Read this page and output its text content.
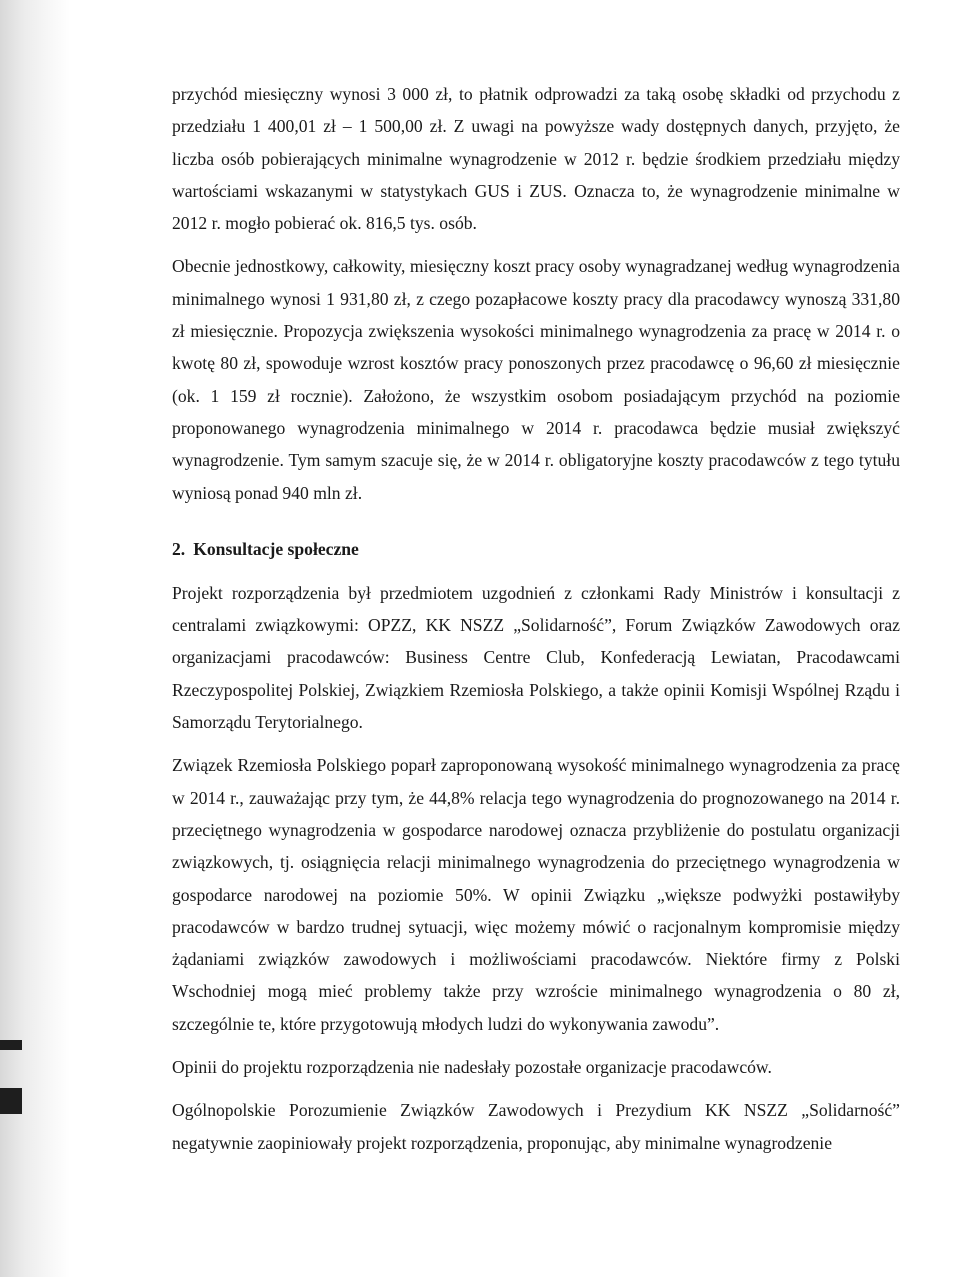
przychód miesięczny wynosi 3 000 zł, to płatnik odprowadzi za taką osobę składki od przychodu z przedziału 1 400,01 zł – 1 500,00 zł. Z uwagi na powyższe wady dostępnych danych, przyjęto, że liczba osób pobierających minimalne wynagrodzenie w 2012 r. będzie środkiem przedziału między wartościami wskazanymi w statystykach GUS i ZUS. Oznacza to, że wynagrodzenie minimalne w 2012 r. mogło pobierać ok. 816,5 tys. osób.

Obecnie jednostkowy, całkowity, miesięczny koszt pracy osoby wynagradzanej według wynagrodzenia minimalnego wynosi 1 931,80 zł, z czego pozapłacowe koszty pracy dla pracodawcy wynoszą 331,80 zł miesięcznie. Propozycja zwiększenia wysokości minimalnego wynagrodzenia za pracę w 2014 r. o kwotę 80 zł, spowoduje wzrost kosztów pracy ponoszonych przez pracodawcę o 96,60 zł miesięcznie (ok. 1 159 zł rocznie). Założono, że wszystkim osobom posiadającym przychód na poziomie proponowanego wynagrodzenia minimalnego w 2014 r. pracodawca będzie musiał zwiększyć wynagrodzenie. Tym samym szacuje się, że w 2014 r. obligatoryjne koszty pracodawców z tego tytułu wyniosą ponad 940 mln zł.

2. Konsultacje społeczne

Projekt rozporządzenia był przedmiotem uzgodnień z członkami Rady Ministrów i konsultacji z centralami związkowymi: OPZZ, KK NSZZ „Solidarność”, Forum Związków Zawodowych oraz organizacjami pracodawców: Business Centre Club, Konfederacją Lewiatan, Pracodawcami Rzeczypospolitej Polskiej, Związkiem Rzemiosła Polskiego, a także opinii Komisji Wspólnej Rządu i Samorządu Terytorialnego.

Związek Rzemiosła Polskiego poparł zaproponowaną wysokość minimalnego wynagrodzenia za pracę w 2014 r., zauważając przy tym, że 44,8% relacja tego wynagrodzenia do prognozowanego na 2014 r. przeciętnego wynagrodzenia w gospodarce narodowej oznacza przybliżenie do postulatu organizacji związkowych, tj. osiągnięcia relacji minimalnego wynagrodzenia do przeciętnego wynagrodzenia w gospodarce narodowej na poziomie 50%. W opinii Związku „większe podwyżki postawiłyby pracodawców w bardzo trudnej sytuacji, więc możemy mówić o racjonalnym kompromisie między żądaniami związków zawodowych i możliwościami pracodawców. Niektóre firmy z Polski Wschodniej mogą mieć problemy także przy wzroście minimalnego wynagrodzenia o 80 zł, szczególnie te, które przygotowują młodych ludzi do wykonywania zawodu”.

Opinii do projektu rozporządzenia nie nadesłały pozostałe organizacje pracodawców.

Ogólnopolskie Porozumienie Związków Zawodowych i Prezydium KK NSZZ „Solidarność” negatywnie zaopiniowały projekt rozporządzenia, proponując, aby minimalne wynagrodzenie
